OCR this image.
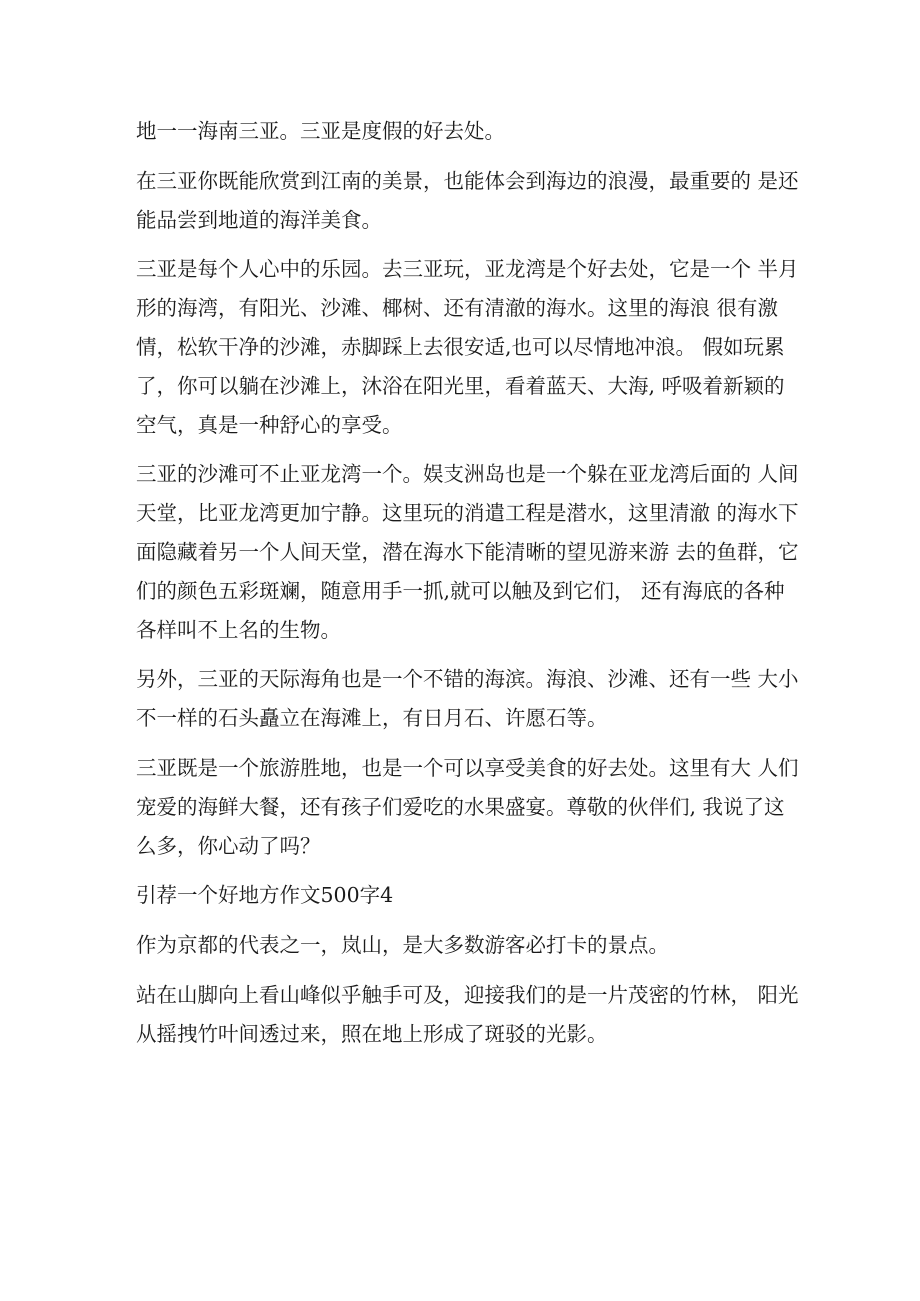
地一一海南三亚。三亚是度假的好去处。
在三亚你既能欣赏到江南的美景，也能体会到海边的浪漫，最重要的 是还
能品尝到地道的海洋美食。
三亚是每个人心中的乐园。去三亚玩，亚龙湾是个好去处，它是一个 半月
形的海湾，有阳光、沙滩、椰树、还有清澈的海水。这里的海浪 很有激
情，松软干净的沙滩，赤脚踩上去很安适,也可以尽情地冲浪。 假如玩累
了，你可以躺在沙滩上，沐浴在阳光里，看着蓝天、大海, 呼吸着新颖的
空气，真是一种舒心的享受。
三亚的沙滩可不止亚龙湾一个。娱支洲岛也是一个躲在亚龙湾后面的 人间
天堂，比亚龙湾更加宁静。这里玩的消遣工程是潜水，这里清澈 的海水下
面隐藏着另一个人间天堂，潜在海水下能清晰的望见游来游 去的鱼群，它
们的颜色五彩斑斓，随意用手一抓,就可以触及到它们， 还有海底的各种
各样叫不上名的生物。
另外，三亚的天际海角也是一个不错的海滨。海浪、沙滩、还有一些 大小
不一样的石头矗立在海滩上，有日月石、许愿石等。
三亚既是一个旅游胜地，也是一个可以享受美食的好去处。这里有大 人们
宠爱的海鲜大餐，还有孩子们爱吃的水果盛宴。尊敬的伙伴们, 我说了这
么多，你心动了吗？
引荐一个好地方作文500字4
作为京都的代表之一，岚山，是大多数游客必打卡的景点。
站在山脚向上看山峰似乎触手可及，迎接我们的是一片茂密的竹林， 阳光
从摇拽竹叶间透过来，照在地上形成了斑驳的光影。
